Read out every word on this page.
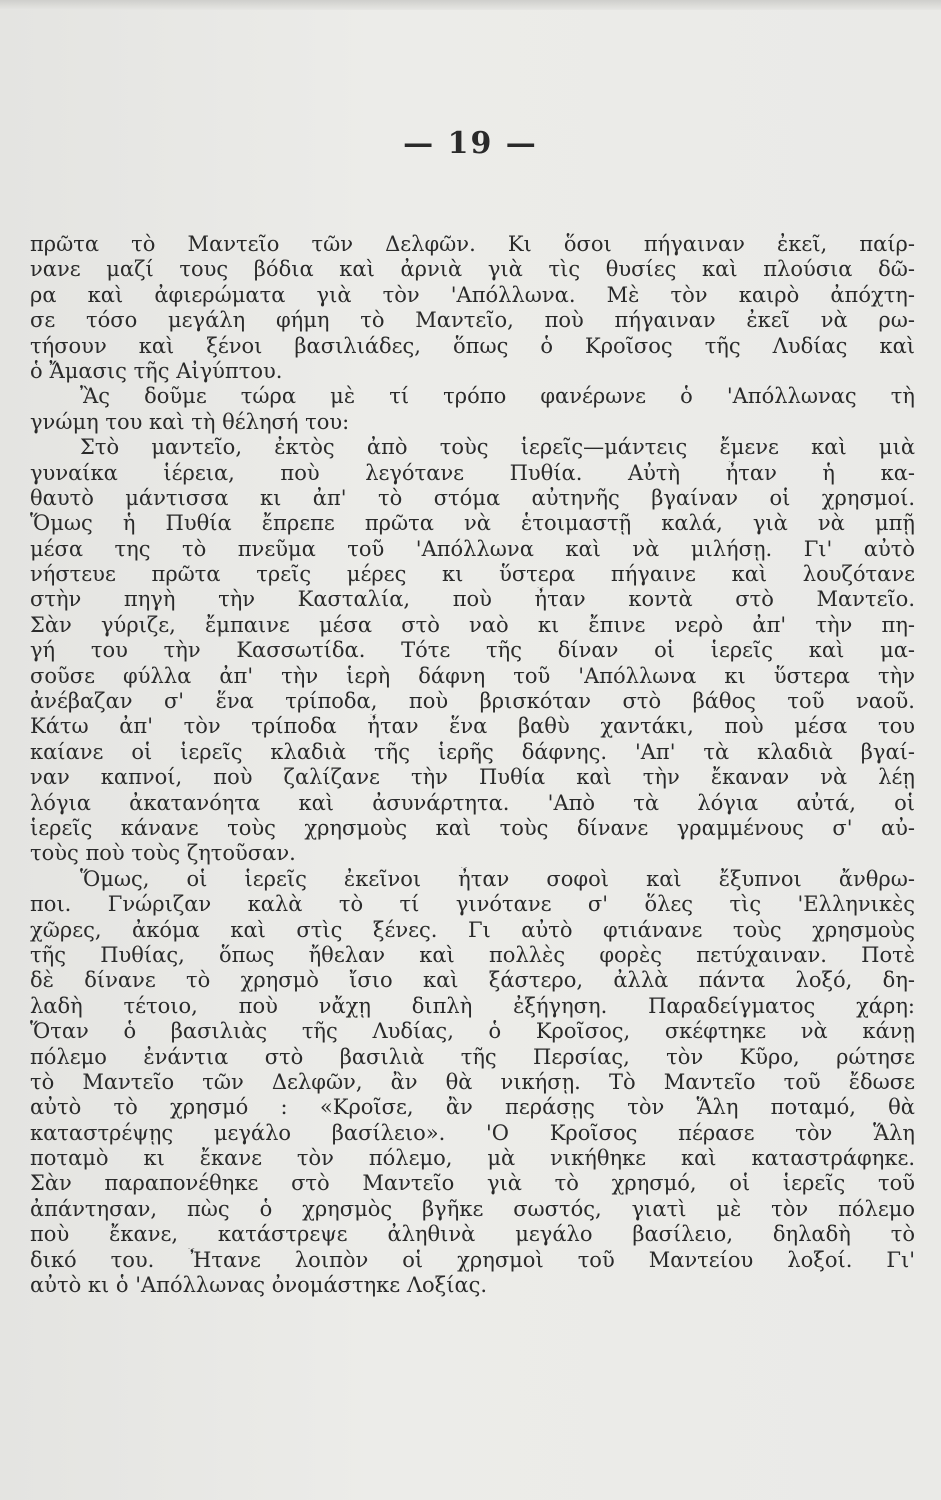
— 19 —
πρῶτα τὸ Μαντεῖο τῶν Δελφῶν. Κι ὅσοι πήγαιναν ἐκεῖ, παίρ-
νανε μαζί τους βόδια καὶ ἀρνιὰ γιὰ τὶς θυσίες καὶ πλούσια δῶ-
ρα καὶ ἀφιερώματα γιὰ τὸν 'Απόλλωνα. Μὲ τὸν καιρὸ ἀπόχτη-
σε τόσο μεγάλη φήμη τὸ Μαντεῖο, ποὺ πήγαιναν ἐκεῖ νὰ ρω-
τήσουν καὶ ξένοι βασιλιάδες, ὅπως ὁ Κροῖσος τῆς Λυδίας καὶ
ὁ Ἄμασις τῆς Αἰγύπτου.
Ἂς δοῦμε τώρα μὲ τί τρόπο φανέρωνε ὁ 'Απόλλωνας τὴ
γνώμη του καὶ τὴ θέλησή του:
Στὸ μαντεῖο, ἐκτὸς ἀπὸ τοὺς ἱερεῖς—μάντεις ἔμενε καὶ μιὰ
γυναίκα ἱέρεια, ποὺ λεγότανε Πυθία. Αὐτὴ ἦταν ἡ κα-
θαυτὸ μάντισσα κι ἀπ' τὸ στόμα αὐτηνῆς βγαίναν οἱ χρησμοί.
Ὅμως ἡ Πυθία ἔπρεπε πρῶτα νὰ ἑτοιμαστῇ καλά, γιὰ νὰ μπῇ
μέσα της τὸ πνεῦμα τοῦ 'Απόλλωνα καὶ νὰ μιλήσῃ. Γι' αὐτὸ
νήστευε πρῶτα τρεῖς μέρες κι ὕστερα πήγαινε καὶ λουζότανε
στὴν πηγὴ τὴν Κασταλία, ποὺ ἦταν κοντὰ στὸ Μαντεῖο.
Σὰν γύριζε, ἔμπαινε μέσα στὸ ναὸ κι ἔπινε νερὸ ἀπ' τὴν πη-
γή του τὴν Κασσωτίδα. Τότε τῆς δίναν οἱ ἱερεῖς καὶ μα-
σοῦσε φύλλα ἀπ' τὴν ἱερὴ δάφνη τοῦ 'Απόλλωνα κι ὕστερα τὴν
ἀνέβαζαν σ' ἕνα τρίποδα, ποὺ βρισκόταν στὸ βάθος τοῦ ναοῦ.
Κάτω ἀπ' τὸν τρίποδα ἦταν ἕνα βαθὺ χαντάκι, ποὺ μέσα του
καίανε οἱ ἱερεῖς κλαδιὰ τῆς ἱερῆς δάφνης. 'Απ' τὰ κλαδιὰ βγαί-
ναν καπνοί, ποὺ ζαλίζανε τὴν Πυθία καὶ τὴν ἔκαναν νὰ λέῃ
λόγια ἀκατανόητα καὶ ἀσυνάρτητα. 'Απὸ τὰ λόγια αὐτά, οἱ
ἱερεῖς κάνανε τοὺς χρησμοὺς καὶ τοὺς δίνανε γραμμένους σ' αὐ-
τοὺς ποὺ τοὺς ζητοῦσαν.
Ὅμως, οἱ ἱερεῖς ἐκεῖνοι ἦταν σοφοὶ καὶ ἔξυπνοι ἄνθρω-
ποι. Γνώριζαν καλὰ τὸ τί γινότανε σ' ὅλες τὶς 'Ελληνικὲς
χῶρες, ἀκόμα καὶ στὶς ξένες. Γι αὐτὸ φτιάνανε τοὺς χρησμοὺς
τῆς Πυθίας, ὅπως ἤθελαν καὶ πολλὲς φορὲς πετύχαιναν. Ποτὲ
δὲ δίνανε τὸ χρησμὸ ἴσιο καὶ ξάστερο, ἀλλὰ πάντα λοξό, δη-
λαδὴ τέτοιο, ποὺ νἄχῃ διπλὴ ἐξήγηση. Παραδείγματος χάρη:
Ὅταν ὁ βασιλιὰς τῆς Λυδίας, ὁ Κροῖσος, σκέφτηκε νὰ κάνῃ
πόλεμο ἐνάντια στὸ βασιλιὰ τῆς Περσίας, τὸν Κῦρο, ρώτησε
τὸ Μαντεῖο τῶν Δελφῶν, ἂν θὰ νικήσῃ. Τὸ Μαντεῖο τοῦ ἔδωσε
αὐτὸ τὸ χρησμό : «Κροῖσε, ἂν περάσῃς τὸν Ἅλη ποταμό, θὰ
καταστρέψῃς μεγάλο βασίλειο». 'Ο Κροῖσος πέρασε τὸν Ἅλη
ποταμὸ κι ἔκανε τὸν πόλεμο, μὰ νικήθηκε καὶ καταστράφηκε.
Σὰν παραπονέθηκε στὸ Μαντεῖο γιὰ τὸ χρησμό, οἱ ἱερεῖς τοῦ
ἀπάντησαν, πὼς ὁ χρησμὸς βγῆκε σωστός, γιατὶ μὲ τὸν πόλεμο
ποὺ ἔκανε, κατάστρεψε ἀληθινὰ μεγάλο βασίλειο, δηλαδὴ τὸ
δικό του. Ἦτανε λοιπὸν οἱ χρησμοὶ τοῦ Μαντείου λοξοί. Γι'
αὐτὸ κι ὁ 'Απόλλωνας ὀνομάστηκε Λοξίας.
